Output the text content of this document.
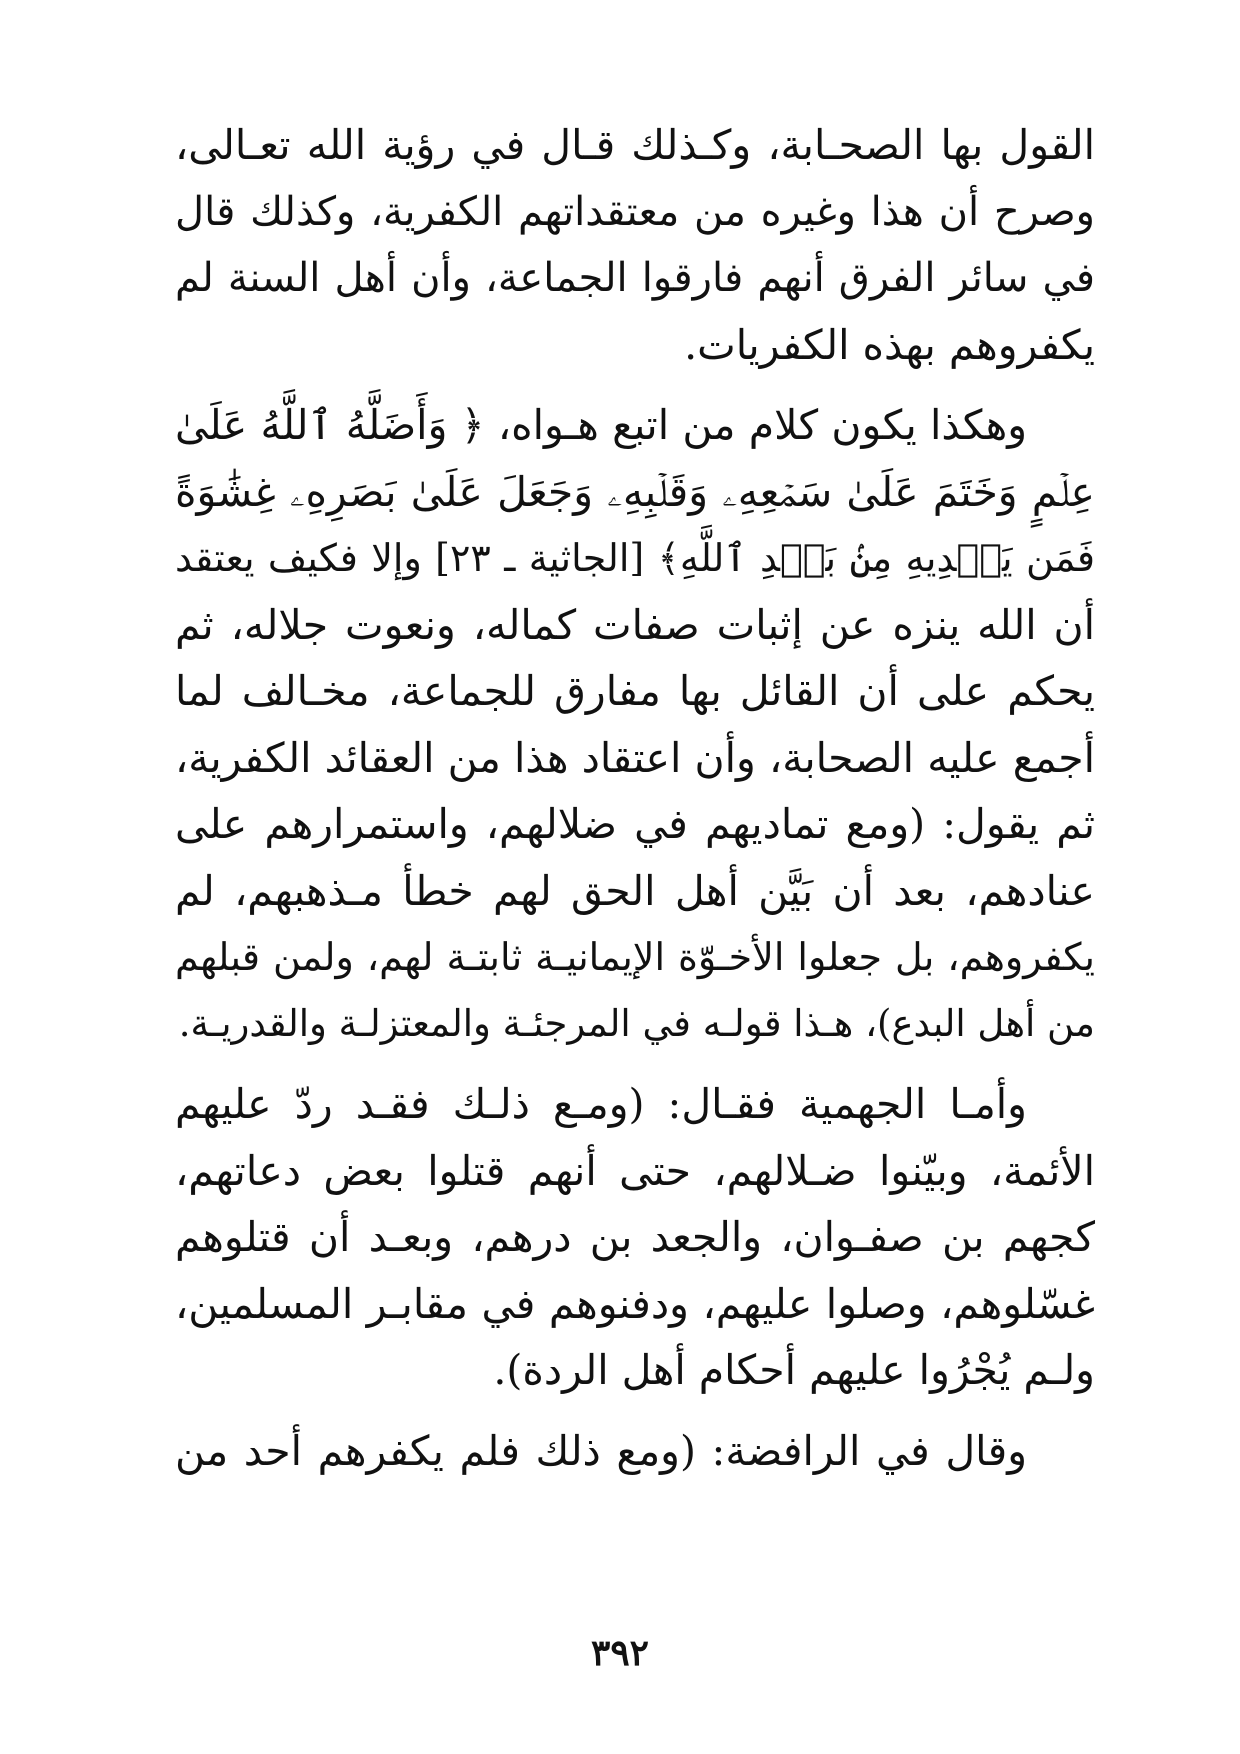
القول بها الصحـابة، وكـذلك قـال في رؤية الله تعـالى،
وصرح أن هذا وغيره من معتقداتهم الكفرية، وكذلك قال
في سائر الفرق أنهم فارقوا الجماعة، وأن أهل السنة لم
يكفروهم بهذه الكفريات.

وهكذا يكون كلام من اتبع هـواه، ﴿ وَأَضَلَّهُ ٱللَّهُ عَلَىٰ
عِلۡمٍ وَخَتَمَ عَلَىٰ سَمۡعِهِۦ وَقَلۡبِهِۦ وَجَعَلَ عَلَىٰ بَصَرِهِۦ غِشَٰوَةً
فَمَن يَهۡدِيهِ مِنۢ بَعۡدِ ٱللَّهِ﴾ [الجاثية ـ ٢٣] وإلا فكيف يعتقد
أن الله ينزه عن إثبات صفات كماله، ونعوت جلاله، ثم
يحكم على أن القائل بها مفارق للجماعة، مخـالف لما
أجمع عليه الصحابة، وأن اعتقاد هذا من العقائد الكفرية،
ثم يقول: (ومع تماديهم في ضلالهم، واستمرارهم على
عنادهم، بعد أن بَيَّن أهل الحق لهم خطأ مـذهبهم، لم
يكفروهم، بل جعلوا الأخـوّة الإيمانيـة ثابتـة لهم، ولمن قبلهم
من أهل البدع)، هـذا قولـه في المرجئـة والمعتزلـة والقدريـة.

وأمـا الجهمية فقـال: (ومـع ذلـك فقـد ردّ عليهم
الأئمة، وبيّنوا ضـلالهم، حتى أنهم قتلوا بعض دعاتهم،
كجهم بن صفـوان، والجعد بن درهم، وبعـد أن قتلوهم
غسّلوهم، وصلوا عليهم، ودفنوهم في مقابـر المسلمين،
ولـم يُجْرُوا عليهم أحكام أهل الردة).

وقال في الرافضة: (ومع ذلك فلم يكفرهم أحد من

٣٩٢
